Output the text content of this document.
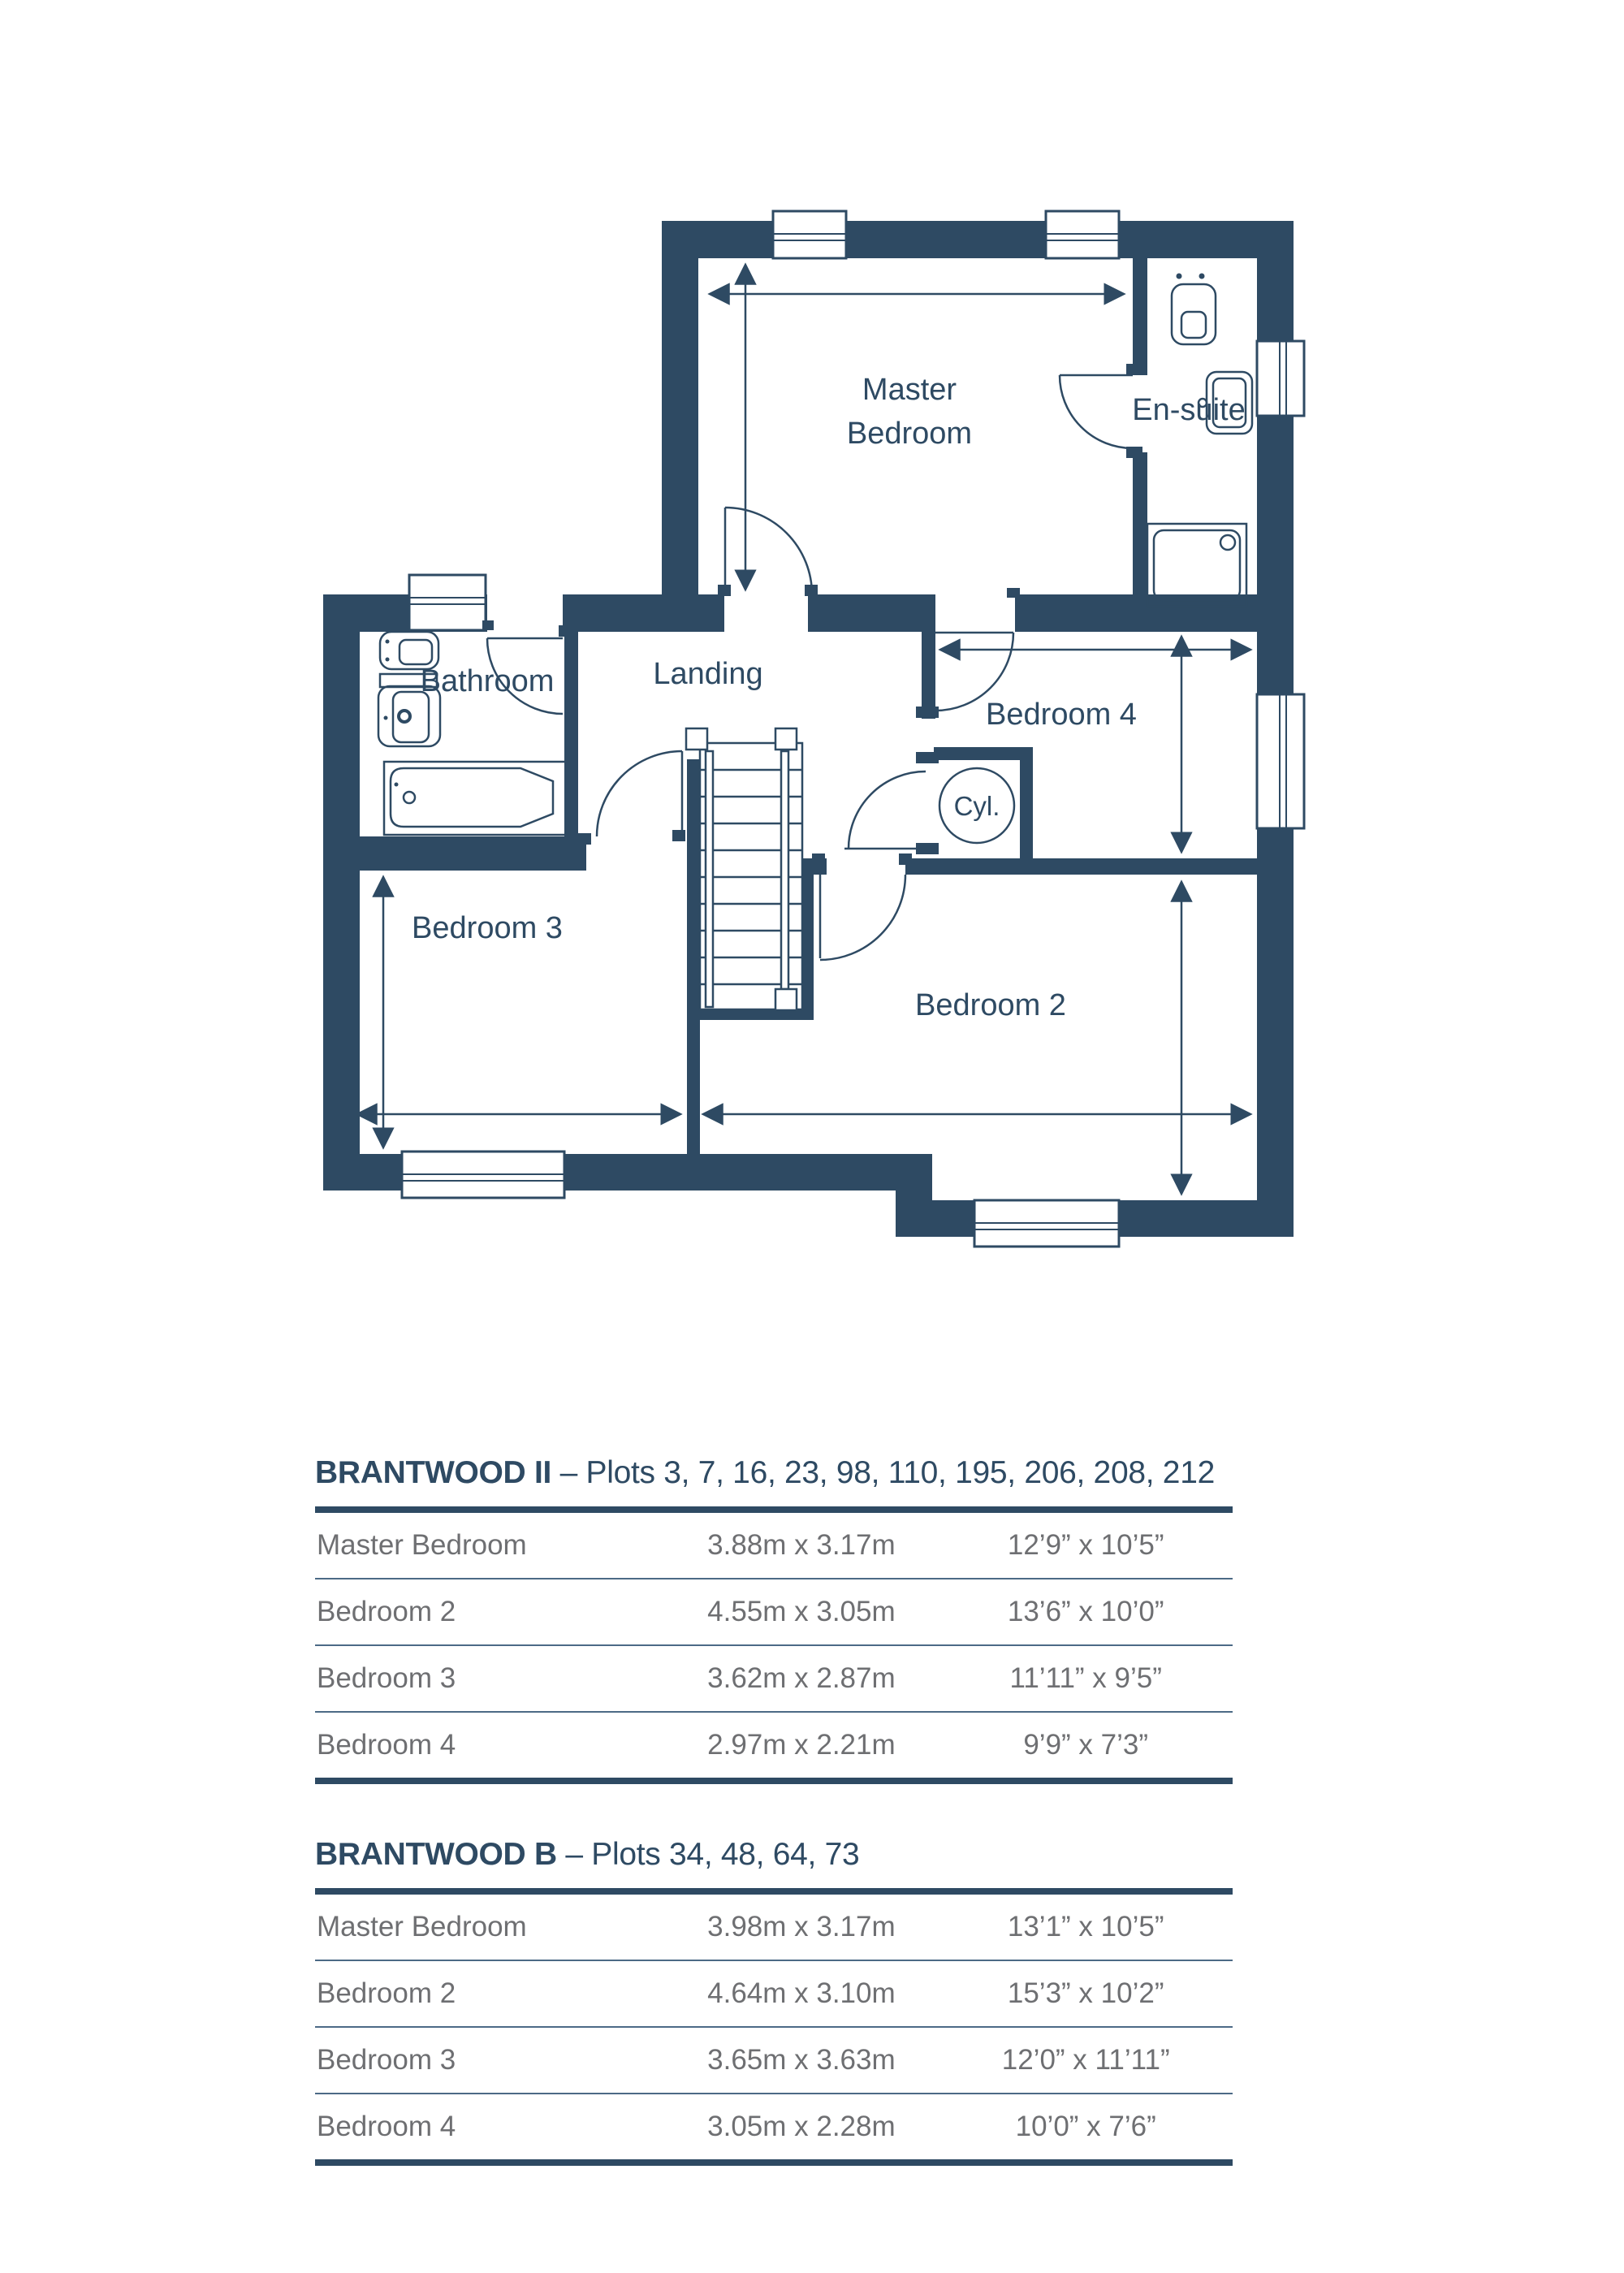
Cyl.
Master
Bedroom
En-suite
Bathroom	Landing
Bedroom 3
Bedroom 2
Bedroom 4
BRANTWOOD II – Plots 3, 7, 16, 23, 98, 110, 195, 206, 208, 212
Master Bedroom	3.88m x 3.17m	12’9” x 10’5”
Bedroom 2	4.55m x 3.05m	13’6” x 10’0”
Bedroom 3	3.62m x 2.87m	11’11” x 9’5”
Bedroom 4	2.97m x 2.21m	9’9” x 7’3”
BRANTWOOD B – Plots 34, 48, 64, 73
Master Bedroom	3.98m x 3.17m	13’1” x 10’5”
Bedroom 2	4.64m x 3.10m	15’3” x 10’2”
Bedroom 3	3.65m x 3.63m	12’0” x 11’11”
Bedroom 4	3.05m x 2.28m	10’0” x 7’6”
